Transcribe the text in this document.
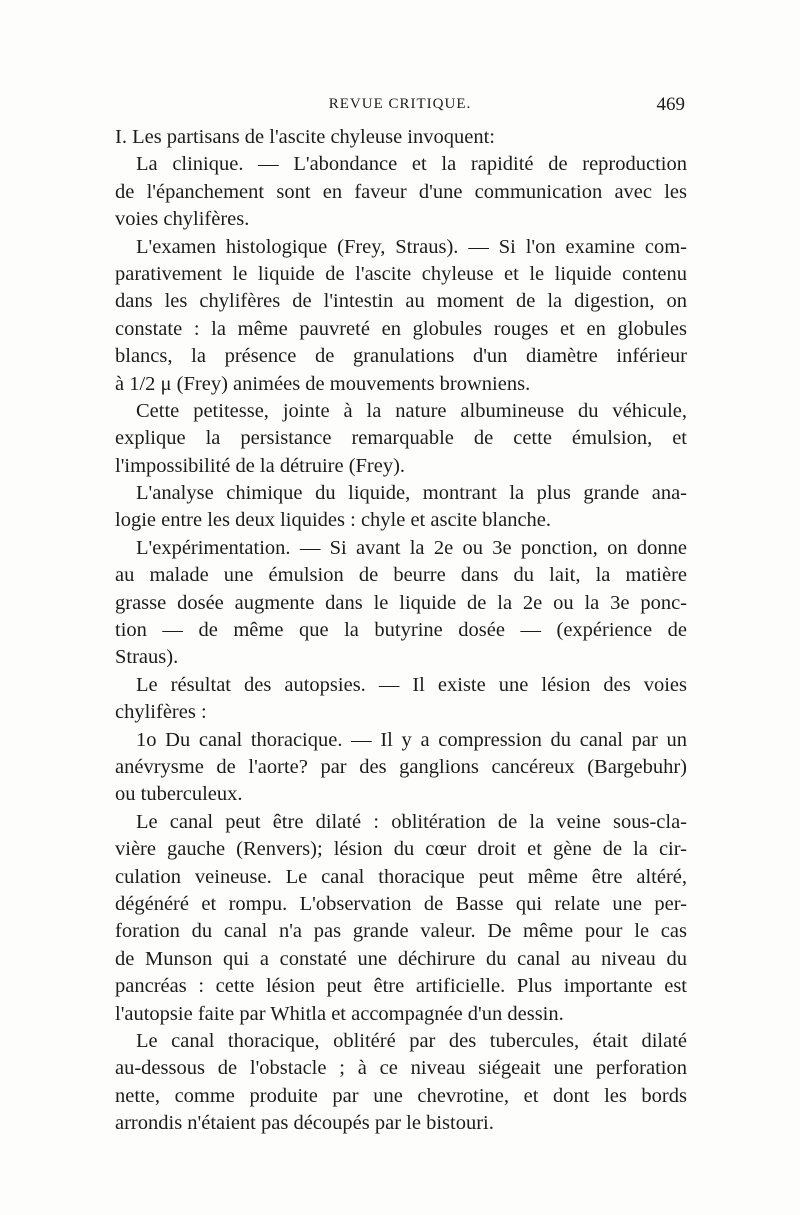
REVUE CRITIQUE.	469
I. Les partisans de l'ascite chyleuse invoquent:
La clinique. — L'abondance et la rapidité de reproduction
de l'épanchement sont en faveur d'une communication avec les
voies chylifères.
L'examen histologique (Frey, Straus). — Si l'on examine com-
parativement le liquide de l'ascite chyleuse et le liquide contenu
dans les chylifères de l'intestin au moment de la digestion, on
constate : la même pauvreté en globules rouges et en globules
blancs, la présence de granulations d'un diamètre inférieur
à 1/2 μ (Frey) animées de mouvements browniens.
Cette petitesse, jointe à la nature albumineuse du véhicule,
explique la persistance remarquable de cette émulsion, et
l'impossibilité de la détruire (Frey).
L'analyse chimique du liquide, montrant la plus grande ana-
logie entre les deux liquides : chyle et ascite blanche.
L'expérimentation. — Si avant la 2e ou 3e ponction, on donne
au malade une émulsion de beurre dans du lait, la matière
grasse dosée augmente dans le liquide de la 2e ou la 3e ponc-
tion — de même que la butyrine dosée — (expérience de
Straus).
Le résultat des autopsies. — Il existe une lésion des voies
chylifères :
1o Du canal thoracique. — Il y a compression du canal par un
anévrysme de l'aorte? par des ganglions cancéreux (Bargebuhr)
ou tuberculeux.
Le canal peut être dilaté : oblitération de la veine sous-cla-
vière gauche (Renvers); lésion du cœur droit et gène de la cir-
culation veineuse. Le canal thoracique peut même être altéré,
dégénéré et rompu. L'observation de Basse qui relate une per-
foration du canal n'a pas grande valeur. De même pour le cas
de Munson qui a constaté une déchirure du canal au niveau du
pancréas : cette lésion peut être artificielle. Plus importante est
l'autopsie faite par Whitla et accompagnée d'un dessin.
Le canal thoracique, oblitéré par des tubercules, était dilaté
au-dessous de l'obstacle ; à ce niveau siégeait une perforation
nette, comme produite par une chevrotine, et dont les bords
arrondis n'étaient pas découpés par le bistouri.
